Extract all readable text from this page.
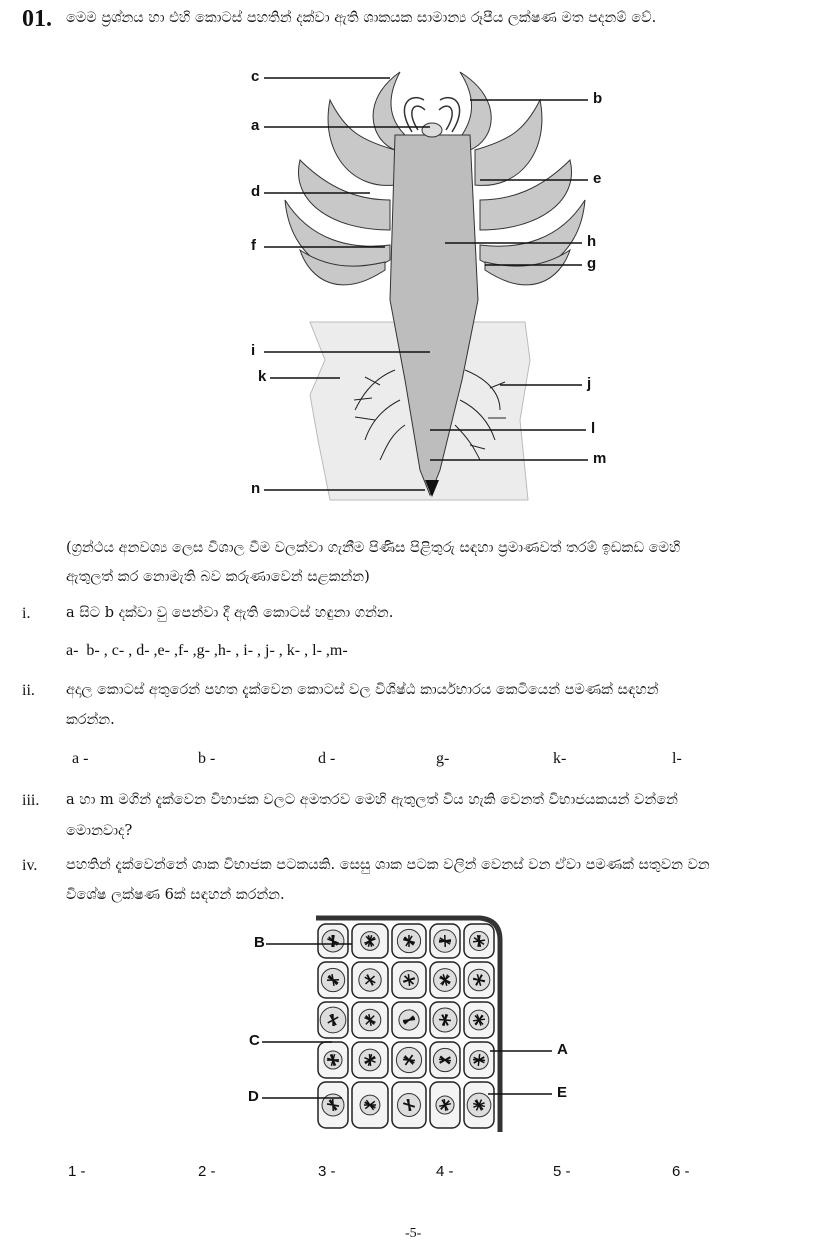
01. මෙම ප්‍රශ්නය හා එහි කොටස් පහතින් දක්වා ඇති ශාකයක සාමාන්‍ය රූපීය ලක්ෂණ මත පදනම් වේ.
c
b
a
d
e
f	h
g
i
k	j
l
m
n
(ග්‍රන්ථය අනවශ්‍ය ලෙස විශාල වීම වලක්වා ගැනීම පිණිස පිළිතුරු සඳහා ප්‍රමාණවත් තරම් ඉඩකඩ මෙහි
ඇතුලත් කර නොමැති බව කරුණාවෙන් සළකන්න)
i. a සිට b දක්වා වු පෙන්වා දී ඇති කොටස් හඳුනා ගන්න.
a-  b- , c- , d- ,e- ,f- ,g- ,h- , i- , j- , k- , l- ,m-
ii. අදාල කොටස් අතුරෙන් පහත දැක්වෙන කොටස් වල විශිෂ්ඨ කාර්යභාරය කෙටියෙන් පමණක් සඳහන්
කරන්න.
a -	b -	d -	g-	k-	l-
iii. a හා m මගින් දැක්වෙන විභාජක වලට අමතරව මෙහි ඇතුලත් විය හැකි වෙනත් විභාජයකයන් වන්නේ
මොනවාද?
iv. පහතින් දැක්වෙන්නේ ශාක විභාජක පටකයකි. සෙසු ශාක පටක වලින් වෙනස් වන ඒවා පමණක් සතුවන වන
විශේෂ ලක්ෂණ 6ක් සඳහන් කරන්න.
B
C
A
D	E
1 -	2 -	3 -	4 -	5 -	6 -
-5-
